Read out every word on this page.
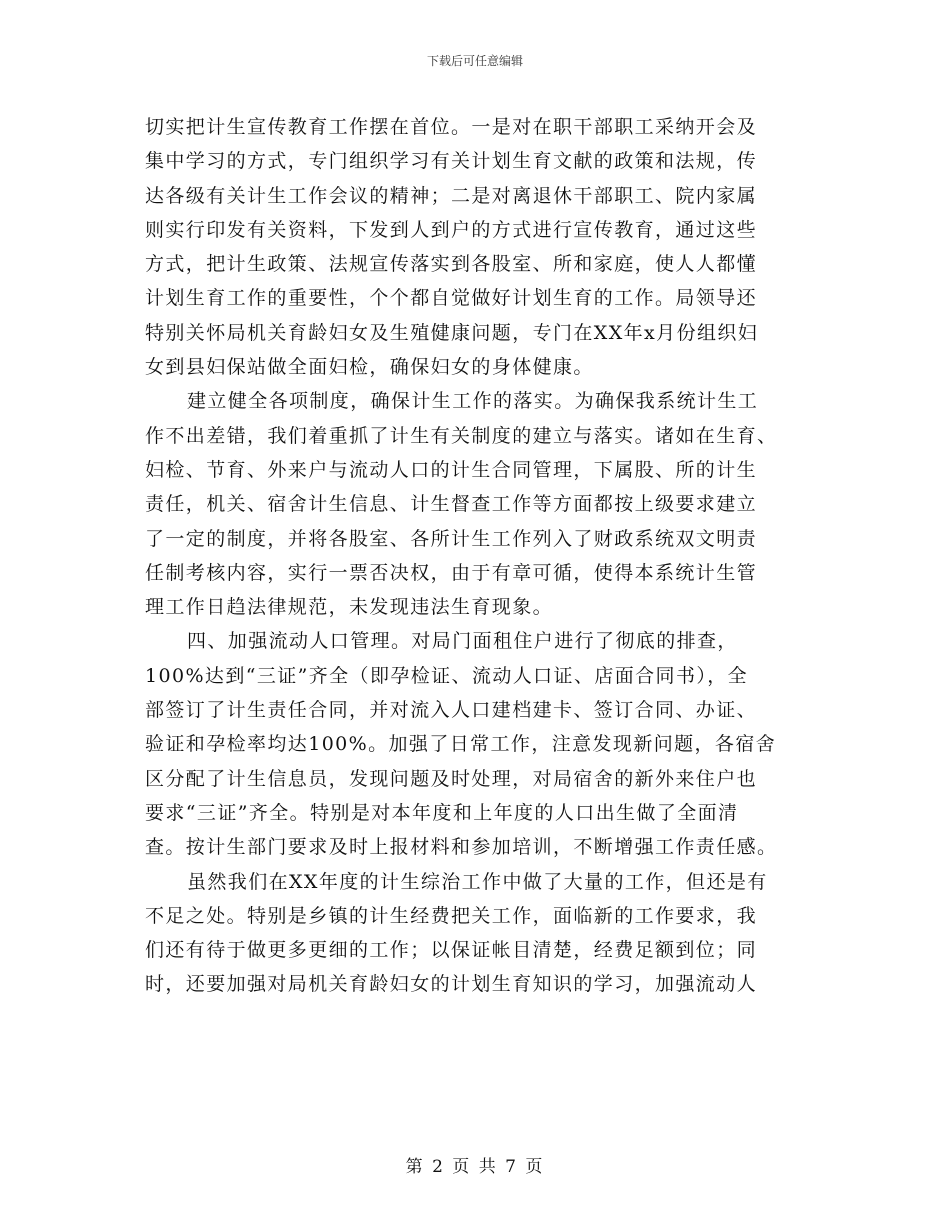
下载后可任意编辑
切实把计生宣传教育工作摆在首位。一是对在职干部职工采纳开会及
集中学习的方式，专门组织学习有关计划生育文献的政策和法规，传
达各级有关计生工作会议的精神；二是对离退休干部职工、院内家属
则实行印发有关资料，下发到人到户的方式进行宣传教育，通过这些
方式，把计生政策、法规宣传落实到各股室、所和家庭，使人人都懂
计划生育工作的重要性，个个都自觉做好计划生育的工作。局领导还
特别关怀局机关育龄妇女及生殖健康问题，专门在XX年x月份组织妇
女到县妇保站做全面妇检，确保妇女的身体健康。
建立健全各项制度，确保计生工作的落实。为确保我系统计生工
作不出差错，我们着重抓了计生有关制度的建立与落实。诸如在生育、
妇检、节育、外来户与流动人口的计生合同管理，下属股、所的计生
责任，机关、宿舍计生信息、计生督查工作等方面都按上级要求建立
了一定的制度，并将各股室、各所计生工作列入了财政系统双文明责
任制考核内容，实行一票否决权，由于有章可循，使得本系统计生管
理工作日趋法律规范，未发现违法生育现象。
四、加强流动人口管理。对局门面租住户进行了彻底的排查，
100%达到“三证”齐全（即孕检证、流动人口证、店面合同书），全
部签订了计生责任合同，并对流入人口建档建卡、签订合同、办证、
验证和孕检率均达100%。加强了日常工作，注意发现新问题，各宿舍
区分配了计生信息员，发现问题及时处理，对局宿舍的新外来住户也
要求“三证”齐全。特别是对本年度和上年度的人口出生做了全面清
查。按计生部门要求及时上报材料和参加培训，不断增强工作责任感。
虽然我们在XX年度的计生综治工作中做了大量的工作，但还是有
不足之处。特别是乡镇的计生经费把关工作，面临新的工作要求，我
们还有待于做更多更细的工作；以保证帐目清楚，经费足额到位；同
时，还要加强对局机关育龄妇女的计划生育知识的学习，加强流动人
第 2 页 共 7 页
